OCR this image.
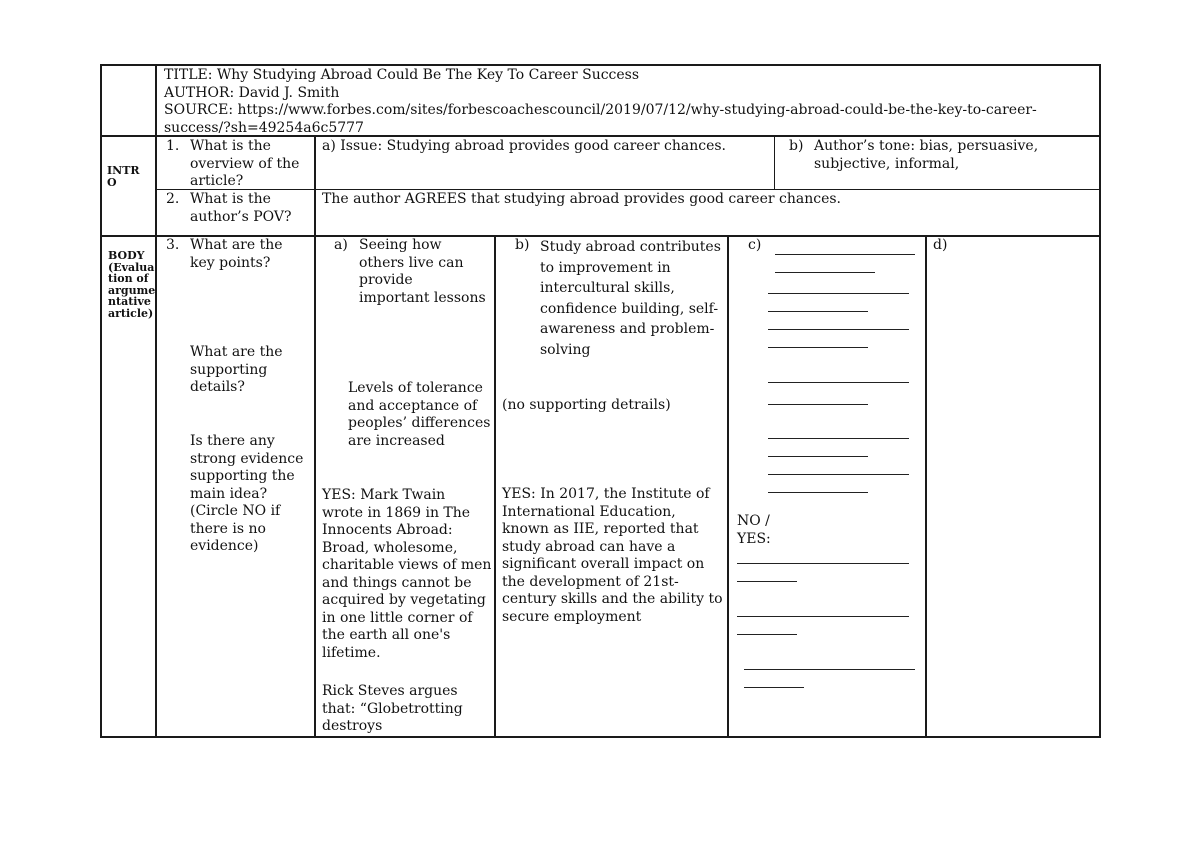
TITLE: Why Studying Abroad Could Be The Key To Career Success
AUTHOR: David J. Smith
SOURCE: https://www.forbes.com/sites/forbescoachescouncil/2019/07/12/why-studying-abroad-could-be-the-key-to-career-
success/?sh=49254a6c5777
INTR
O
1. What is the
overview of the
article?
a) Issue: Studying abroad provides good career chances.	b) Author’s tone: bias, persuasive,
subjective, informal,
2. What is the
author’s POV?
The author AGREES that studying abroad provides good career chances.
BODY
(Evalua
tion of
argume
ntative
article)
3. What are the
key points?
What are the
supporting
details?
Is there any
strong evidence
supporting the
main idea?
(Circle NO if
there is no
evidence)
a) Seeing how
others live can
provide
important lessons
Levels of tolerance
and acceptance of
peoples’ differences
are increased
YES: Mark Twain
wrote in 1869 in The
Innocents Abroad:
Broad, wholesome,
charitable views of men
and things cannot be
acquired by vegetating
in one little corner of
the earth all one's
lifetime.
Rick Steves argues
that: “Globetrotting
destroys
b) Study abroad contributes
to improvement in
intercultural skills,
confidence building, self-
awareness and problem-
solving
(no supporting detrails)
YES: In 2017, the Institute of
International Education,
known as IIE, reported that
study abroad can have a
significant overall impact on
the development of 21st-
century skills and the ability to
secure employment
c)
NO /
YES:
d)
